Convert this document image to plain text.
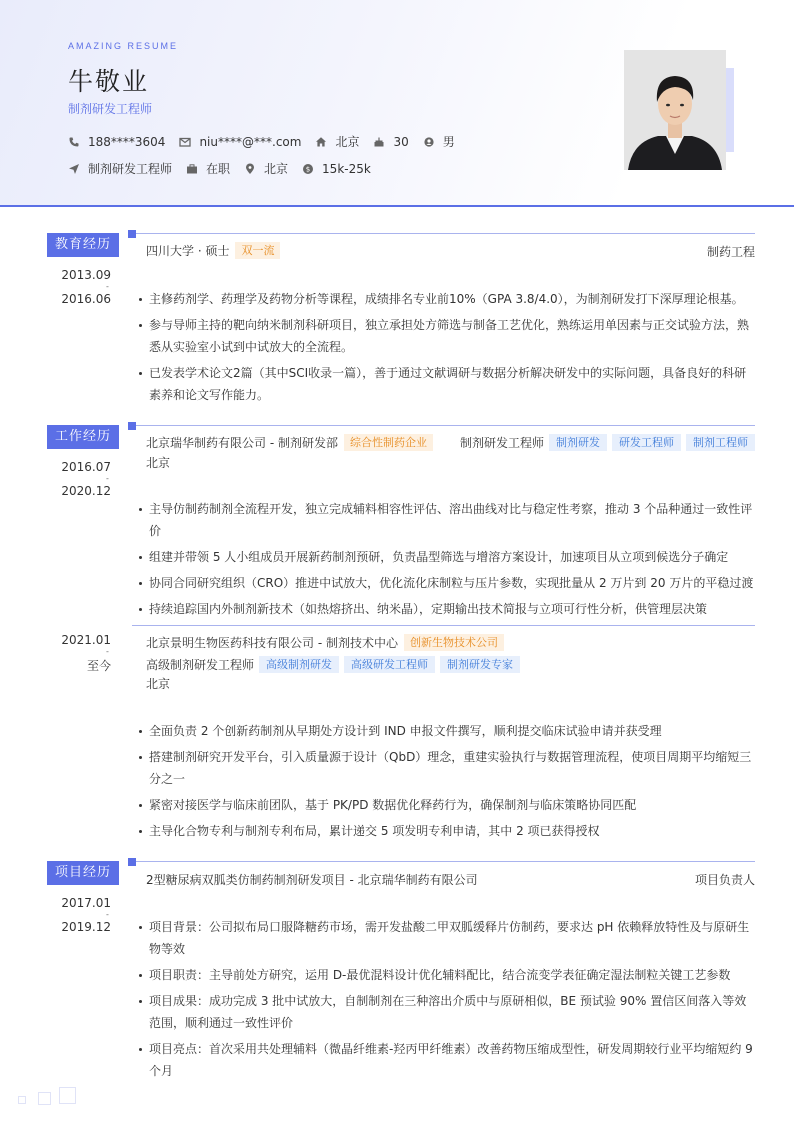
AMAZING RESUME
牛敬业
制剂研发工程师
188****3604	niu****@***.com	北京	30	男
制剂研发工程师	在职	北京	$ 15k-25k
教育经历
2013.09
-
2016.06
四川大学 · 硕士	双一流	制药工程
主修药剂学、药理学及药物分析等课程，成绩排名专业前10%（GPA 3.8/4.0），为制剂研发打下深厚理论根基。
参与导师主持的靶向纳米制剂科研项目，独立承担处方筛选与制备工艺优化，熟练运用单因素与正交试验方法，熟悉从实验室小试到中试放大的全流程。
已发表学术论文2篇（其中SCI收录一篇），善于通过文献调研与数据分析解决研发中的实际问题，具备良好的科研素养和论文写作能力。
工作经历
2016.07
-
2020.12
北京瑞华制药有限公司 - 制剂研发部	综合性制药企业	制剂研发工程师	制剂研发	研发工程师	制剂工程师
北京
主导仿制药制剂全流程开发，独立完成辅料相容性评估、溶出曲线对比与稳定性考察，推动 3 个品种通过一致性评价
组建并带领 5 人小组成员开展新药制剂预研，负责晶型筛选与增溶方案设计，加速项目从立项到候选分子确定
协同合同研究组织（CRO）推进中试放大，优化流化床制粒与压片参数，实现批量从 2 万片到 20 万片的平稳过渡
持续追踪国内外制剂新技术（如热熔挤出、纳米晶），定期输出技术简报与立项可行性分析，供管理层决策
2021.01
-
至今
北京景明生物医药科技有限公司 - 制剂技术中心	创新生物技术公司
高级制剂研发工程师	高级制剂研发	高级研发工程师	制剂研发专家
北京
全面负责 2 个创新药制剂从早期处方设计到 IND 申报文件撰写，顺利提交临床试验申请并获受理
搭建制剂研究开发平台，引入质量源于设计（QbD）理念，重建实验执行与数据管理流程，使项目周期平均缩短三分之一
紧密对接医学与临床前团队，基于 PK/PD 数据优化释药行为，确保制剂与临床策略协同匹配
主导化合物专利与制剂专利布局，累计递交 5 项发明专利申请，其中 2 项已获得授权
项目经历
2017.01
-
2019.12
2型糖尿病双胍类仿制药制剂研发项目 - 北京瑞华制药有限公司	项目负责人
项目背景：公司拟布局口服降糖药市场，需开发盐酸二甲双胍缓释片仿制药，要求达 pH 依赖释放特性及与原研生物等效
项目职责：主导前处方研究，运用 D-最优混料设计优化辅料配比，结合流变学表征确定湿法制粒关键工艺参数
项目成果：成功完成 3 批中试放大，自制制剂在三种溶出介质中与原研相似，BE 预试验 90% 置信区间落入等效范围，顺利通过一致性评价
项目亮点：首次采用共处理辅料（微晶纤维素-羟丙甲纤维素）改善药物压缩成型性，研发周期较行业平均缩短约 9 个月
